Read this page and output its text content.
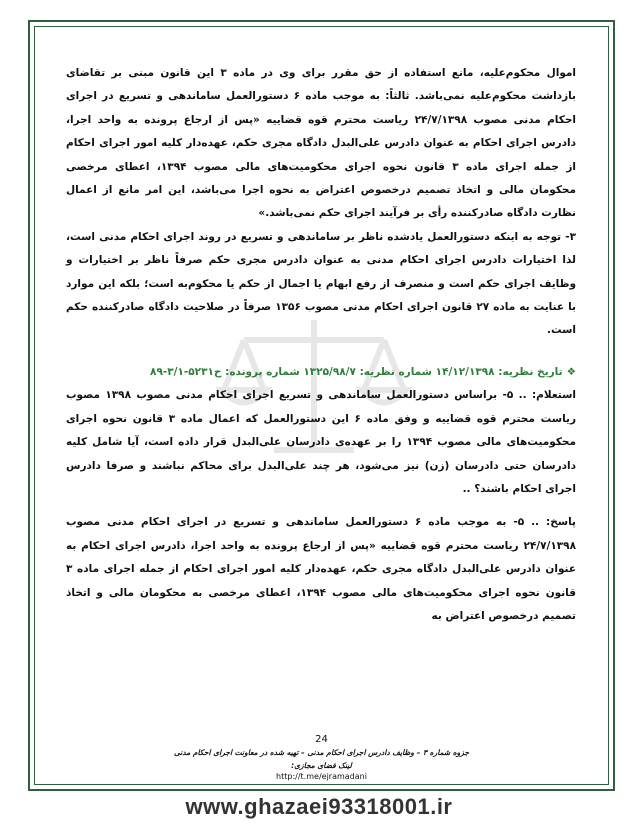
اموال محکوم‌علیه، مانع استفاده از حق مقرر برای وی در ماده ۳ این قانون مبنی بر تقاضای بازداشت محکوم‌علیه نمی‌باشد. ثالثاً: به موجب ماده ۶ دستورالعمل ساماندهی و تسریع در اجرای احکام مدنی مصوب ۲۴/۷/۱۳۹۸ ریاست محترم قوه قضاییه «پس از ارجاع پرونده به واحد اجرا، دادرس اجرای احکام به عنوان دادرس علی‌البدل دادگاه مجری حکم، عهده‌دار کلیه امور اجرای احکام از جمله اجرای ماده ۳ قانون نحوه اجرای محکومیت‌های مالی مصوب ۱۳۹۴، اعطای مرخصی محکومان مالی و اتخاذ تصمیم درخصوص اعتراض به نحوه اجرا می‌باشد، این امر مانع از اعمال نظارت دادگاه صادرکننده رأی بر فرآیند اجرای حکم نمی‌باشد.»

۳- توجه به اینکه دستورالعمل یادشده ناظر بر ساماندهی و تسریع در روند اجرای احکام مدنی است، لذا اختیارات دادرس اجرای احکام مدنی به عنوان دادرس مجری حکم صرفاً ناظر بر اختیارات و وظایف اجرای حکم است و منصرف از رفع ابهام یا اجمال از حکم یا محکوم‌به است؛ بلکه این موارد با عنایت به ماده ۲۷ قانون اجرای احکام مدنی مصوب ۱۳۵۶ صرفاً در صلاحیت دادگاه صادرکننده حکم است.

❖تاریخ نظریه: ۱۴/۱۲/۱۳۹۸ شماره نظریه: ۱۳۲۵/۹۸/۷ شماره پرونده: ح۵۲۳۱-۳/۱-۸۹

استعلام: .. ۵- براساس دستورالعمل ساماندهی و تسریع اجرای احکام مدنی مصوب ۱۳۹۸ مصوب ریاست محترم قوه قضاییه و وفق ماده ۶ این دستورالعمل که اعمال ماده ۳ قانون نحوه اجرای محکومیت‌های مالی مصوب ۱۳۹۴ را بر عهده‌ی دادرسان علی‌البدل قرار داده است، آیا شامل کلیه دادرسان حتی دادرسان (زن) نیز می‌شود، هر چند علی‌البدل برای محاکم نباشند و صرفا دادرس اجرای احکام باشند؟ ..

پاسخ: .. ۵- به موجب ماده ۶ دستورالعمل ساماندهی و تسریع در اجرای احکام مدنی مصوب ۲۴/۷/۱۳۹۸ ریاست محترم قوه قضاییه «پس از ارجاع پرونده به واحد اجرا، دادرس اجرای احکام به عنوان دادرس علی‌البدل دادگاه مجری حکم، عهده‌دار کلیه امور اجرای احکام از جمله اجرای ماده ۳ قانون نحوه اجرای محکومیت‌های مالی مصوب ۱۳۹۴، اعطای مرخصی به محکومان مالی و اتخاذ تصمیم درخصوص اعتراض به

24
جزوه شماره ۳ – وظایف دادرس اجرای احکام مدنی – تهیه شده در معاونت اجرای احکام مدنی
لینک فضای مجازی:
http://t.me/ejramadani
www.ghazaei93318001.ir
